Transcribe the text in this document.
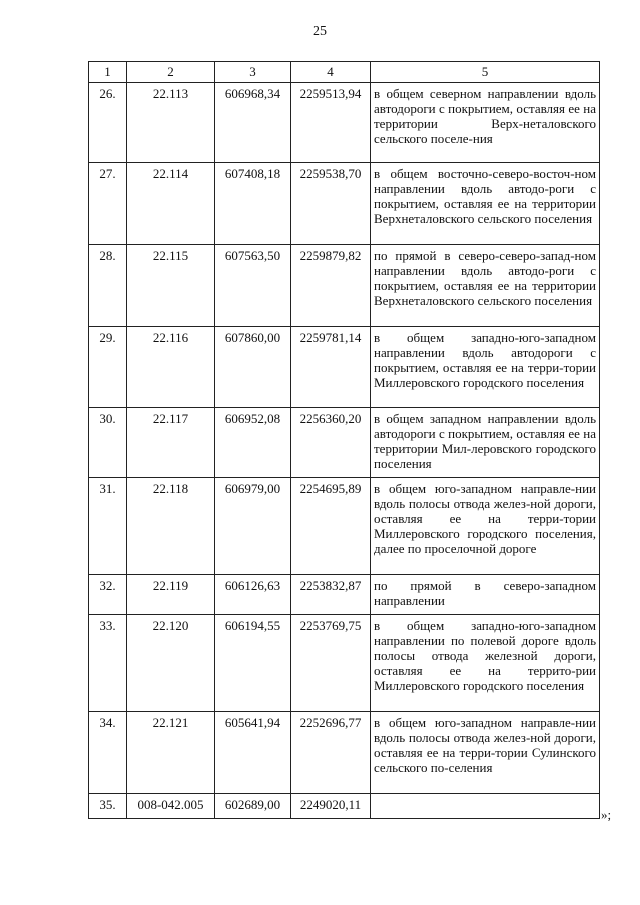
25
1	2	3	4	5
26.	22.113	606968,34	2259513,94	в общем северном направлении вдоль автодороги с покрытием, оставляя ее на территории Верх-неталовского сельского поселе-ния
27.	22.114	607408,18	2259538,70	в общем восточно-северо-восточ-ном направлении вдоль автодо-роги с покрытием, оставляя ее на территории Верхнеталовского сельского поселения
28.	22.115	607563,50	2259879,82	по прямой в северо-северо-запад-ном направлении вдоль автодо-роги с покрытием, оставляя ее на территории Верхнеталовского сельского поселения
29.	22.116	607860,00	2259781,14	в общем западно-юго-западном направлении вдоль автодороги с покрытием, оставляя ее на терри-тории Миллеровского городского поселения
30.	22.117	606952,08	2256360,20	в общем западном направлении вдоль автодороги с покрытием, оставляя ее на территории Мил-леровского городского поселения
31.	22.118	606979,00	2254695,89	в общем юго-западном направле-нии вдоль полосы отвода желез-ной дороги, оставляя ее на терри-тории Миллеровского городского поселения, далее по проселочной дороге
32.	22.119	606126,63	2253832,87	по прямой в северо-западном направлении
33.	22.120	606194,55	2253769,75	в общем западно-юго-западном направлении по полевой дороге вдоль полосы отвода железной дороги, оставляя ее на террито-рии Миллеровского городского поселения
34.	22.121	605641,94	2252696,77	в общем юго-западном направле-нии вдоль полосы отвода желез-ной дороги, оставляя ее на терри-тории Сулинского сельского по-селения
35.	008-042.005	602689,00	2249020,11	
»;
